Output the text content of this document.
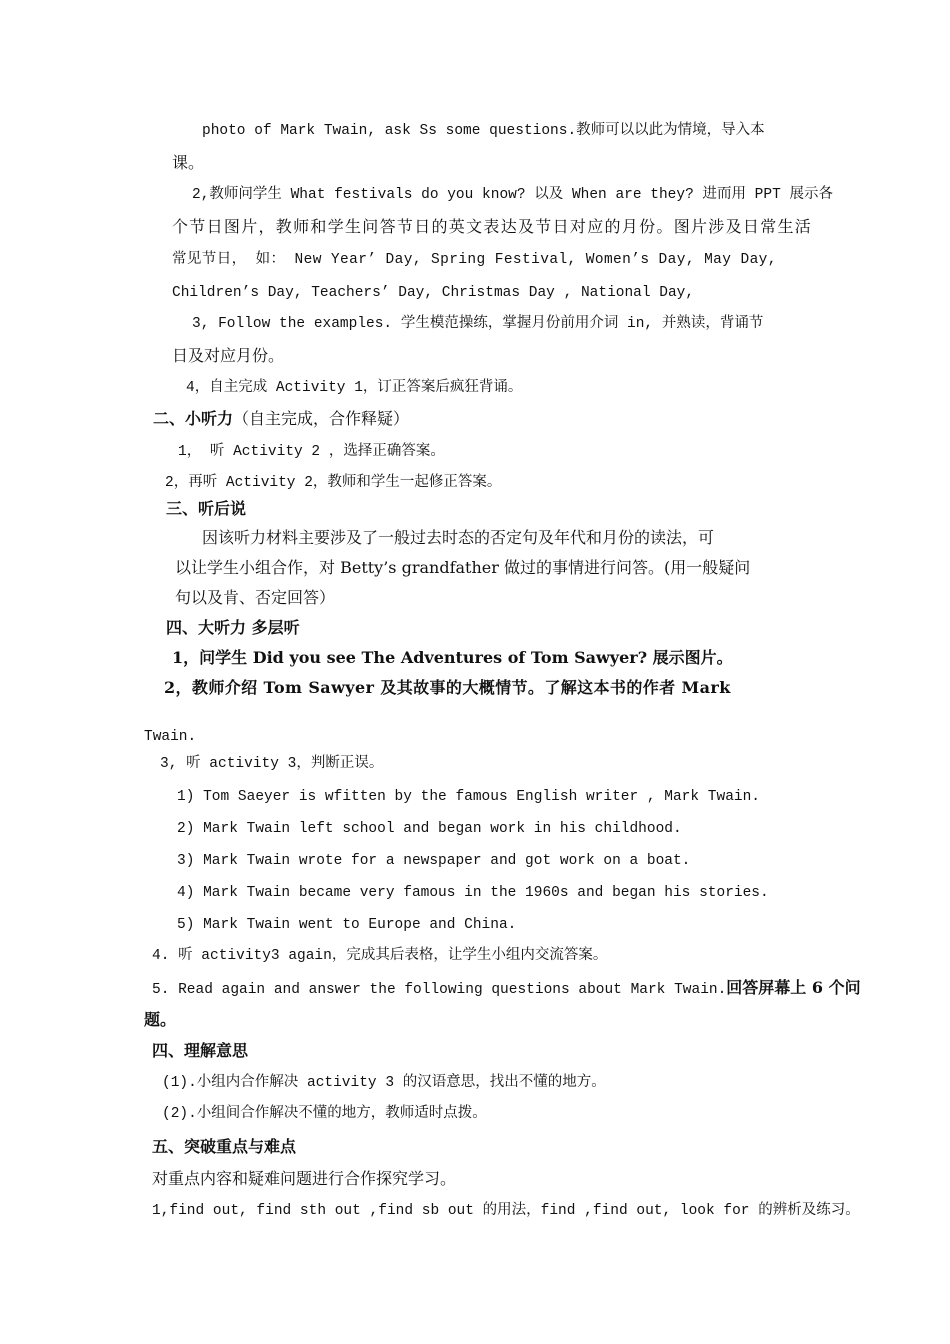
photo of Mark Twain, ask Ss some questions.教师可以以此为情境，导入本
课。
2,教师问学生 What festivals do you know? 以及 When are they? 进而用 PPT 展示各
个节日图片，教师和学生问答节日的英文表达及节日对应的月份。图片涉及日常生活
常见节日， 如： New Year’ Day, Spring Festival, Women’s Day, May Day,
Children’s Day, Teachers’ Day, Christmas Day , National Day,
3, Follow the examples. 学生模范操练，掌握月份前用介词 in, 并熟读，背诵节
日及对应月份。
4，自主完成 Activity 1，订正答案后疯狂背诵。
二、小听力（自主完成，合作释疑）
1， 听 Activity 2 ，选择正确答案。
2，再听 Activity 2，教师和学生一起修正答案。
三、听后说
因该听力材料主要涉及了一般过去时态的否定句及年代和月份的读法，可
以让学生小组合作，对 Betty’s grandfather 做过的事情进行问答。(用一般疑问
句以及肯、否定回答）
四、大听力 多层听
1，问学生 Did you see The Adventures of Tom Sawyer? 展示图片。
2，教师介绍 Tom Sawyer 及其故事的大概情节。了解这本书的作者 Mark
Twain.
3, 听 activity 3，判断正误。
1) Tom Saeyer is wfitten by the famous English writer , Mark Twain.
2) Mark Twain left school and began work in his childhood.
3) Mark Twain wrote for a newspaper and got work on a boat.
4) Mark Twain became very famous in the 1960s and began his stories.
5) Mark Twain went to Europe and China.
4. 听 activity3 again，完成其后表格，让学生小组内交流答案。
5. Read again and answer the following questions about Mark Twain.回答屏幕上 6 个问
题。
四、理解意思
(1).小组内合作解决 activity 3 的汉语意思，找出不懂的地方。
(2).小组间合作解决不懂的地方，教师适时点拨。
五、突破重点与难点
对重点内容和疑难问题进行合作探究学习。
1,find out, find sth out ,find sb out 的用法，find ,find out, look for 的辨析及练习。
